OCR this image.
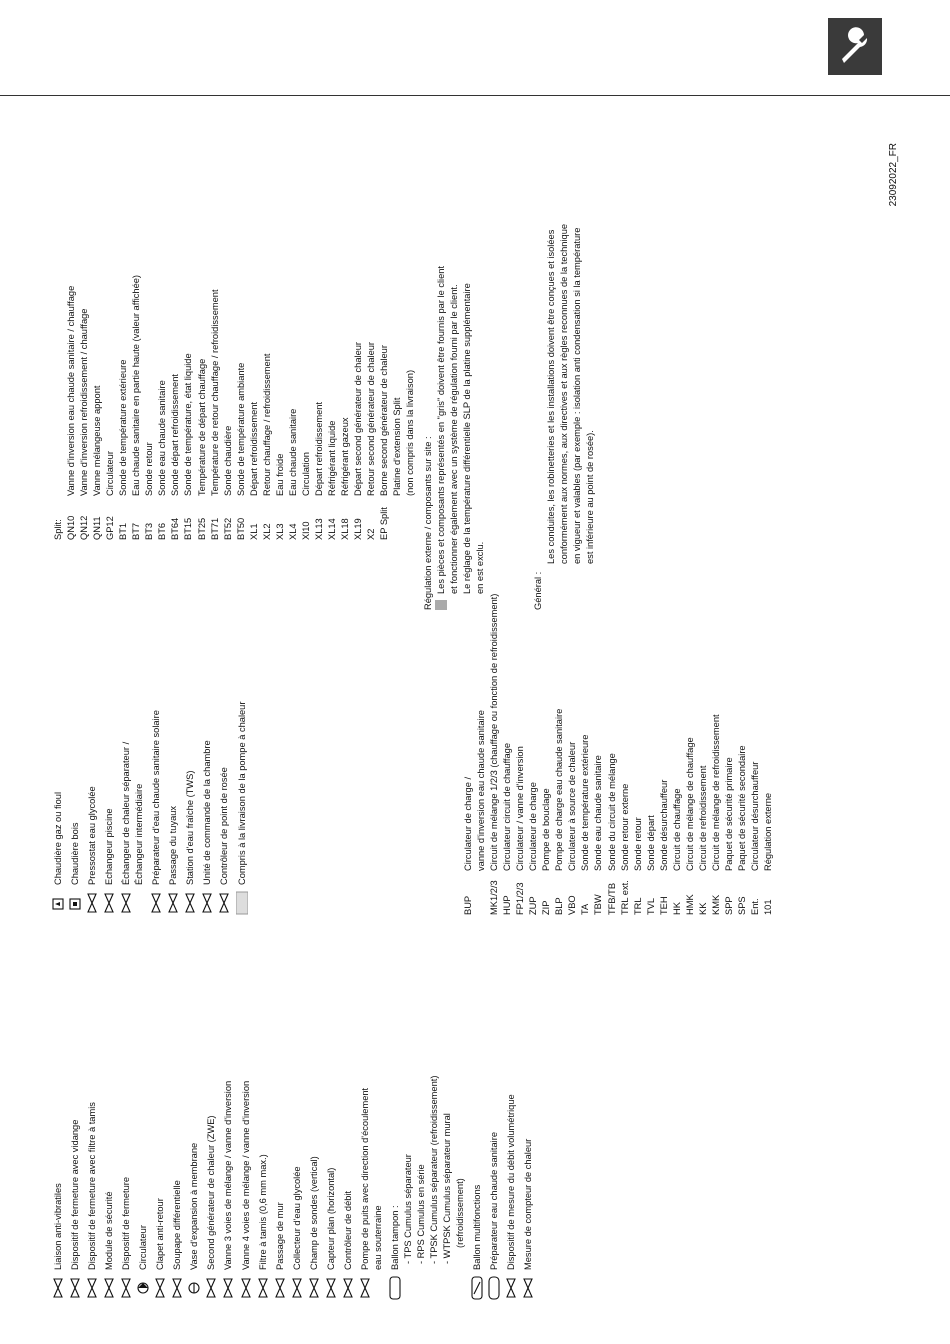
23092022_FR
Liaison anti-vibratiles Dispositif de fermeture avec vidange Dispositif de fermeture avec filtre à tamis Module de sécurité Dispositif de fermeture Circulateur Clapet anti-retour Soupape différentielle Vase d'expansion à membrane Second générateur de chaleur (ZWE) Vanne 3 voies de mélange / vanne d'inversion Vanne 4 voies de mélange / vanne d'inversion Filtre à tamis (0,6 mm max.) Passage de mur Collecteur d'eau glycolée Champ de sondes (vertical) Capteur plan (horizontal) Contrôleur de débit Pompe de puits avec direction d'écoulement eau souterraine Ballon tampon : - TPS Cumulus séparateur - RPS Cumulus en série - TPSK Cumulus séparateur (refroidissement) - WTPSK Cumulus séparateur mural (refroidissement) Ballon multifonctions Préparateur eau chaude sanitaire Dispositif de mesure du débit volumétrique Mesure de compteur de chaleur
Chaudière gaz ou fioul Chaudière bois Pressostat eau glycolée Echangeur piscine Échangeur de chaleur séparateur / Échangeur intermédiaire Préparateur d'eau chaude sanitaire solaire Passage du tuyaux Station d'eau fraîche (TWS) Unité de commande de la chambre Contrôleur de point de rosée Compris à la livraison de la pompe à chaleur
BUPCirculateur de charge / vanne d'inversion eau chaude sanitaire
MK1/2/3Circuit de mélange 1/2/3 (chauffage ou fonction de refroidissement)
HUPCirculateur circuit de chauffage
FP1/2/3Circulateur / vanne d'inversion
ZUPCirculateur de charge
ZIPPompe de bouclage
BLPPompe de charge eau chaude sanitaire
VBOCirculateur à source de chaleur
TASonde de température extérieure
TBWSonde eau chaude sanitaire
TFB/TBSonde du circuit de mélange
TRL ext.Sonde retour externe
TRLSonde retour
TVLSonde départ
TEHSonde désurchauffeur
HKCircuit de chauffage
HMKCircuit de mélange de chauffage
KKCircuit de refroidissement
KMKCircuit de mélange de refroidissement
SPPPaquet de sécurité primaire
SPSPaquet de sécurité secondaire
Ent.Circulateur désurchauffeur
101Régulation externe
Split: QN10Vanne d'inversion eau chaude sanitaire / chauffage
QN12Vanne d'inversion refroidissement / chauffage
QN11Vanne mélangeuse appont
GP12Circulateur
BT1Sonde de température extérieure
BT7Eau chaude sanitaire en partie haute (valeur affichée)
BT3Sonde retour
BT6Sonde eau chaude sanitaire
BT64Sonde départ refroidissement
BT15Sonde de température, état liquide
BT25Température de départ chauffage
BT71Température de retour chauffage / refroidissement
BT52Sonde chaudière
BT50Sonde de température ambiante
XL1Départ refroidissement
XL2Retour chauffage / refroidissement
XL3Eau froide
XL4Eau chaude sanitaire
Xl10Circulation
XL13Départ refroidissement
XL14Réfrigérant liquide
XL18Réfrigérant gazeux
XL19Départ second générateur de chaleur
X2Retour second générateur de chaleur
EP SplitBorne second générateur de chaleur Platine d'extension Split (non compris dans la livraison)
Régulation externe / composants sur site : Les pièces et composants représentés en "gris" doivent être fournis par le client et fonctionner également avec un système de régulation fourni par le client. Le réglage de la température différentielle SLP de la platine supplémentaire en est exclu.	Général :
Les conduites, les robinetteries et les installations doivent être conçues et isolées conformément aux normes, aux directives et aux règles reconnues de la technique en vigueur et valables (par exemple : isolation anti condensation si la température est inférieure au point de rosée).
